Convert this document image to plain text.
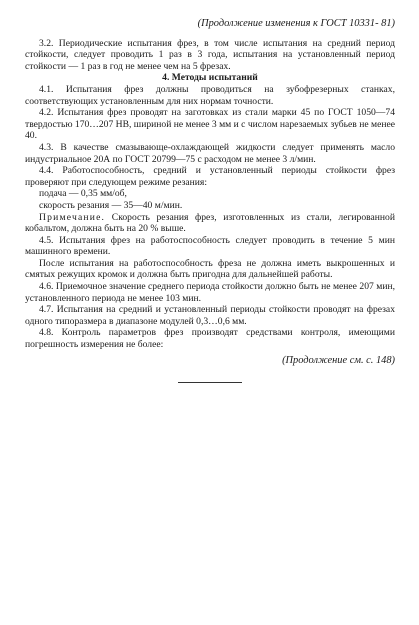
(Продолжение изменения к ГОСТ 10331- 81)

3.2. Периодические испытания фрез, в том числе испытания на средний период стойкости, следует проводить 1 раз в 3 года, испытания на установленный период стойкости — 1 раз в год не менее чем на 5 фрезах.

4. Методы испытаний

4.1. Испытания фрез должны проводиться на зубофрезерных станках, соответствующих установленным для них нормам точности.

4.2. Испытания фрез проводят на заготовках из стали марки 45 по ГОСТ 1050—74 твердостью 170…207 HB, шириной не менее 3 мм и с числом нарезаемых зубьев не менее 40.

4.3. В качестве смазывающе-охлаждающей жидкости следует применять масло индустриальное 20А по ГОСТ 20799—75 с расходом не менее 3 л/мин.

4.4. Работоспособность, средний и установленный периоды стойкости фрез проверяют при следующем режиме резания:

подача — 0,35 мм/об,

скорость резания — 35—40 м/мин.

Примечание. Скорость резания фрез, изготовленных из стали, легированной кобальтом, должна быть на 20 % выше.

4.5. Испытания фрез на работоспособность следует проводить в течение 5 мин машинного времени.

После испытания на работоспособность фреза не должна иметь выкрошенных и смятых режущих кромок и должна быть пригодна для дальнейшей работы.

4.6. Приемочное значение среднего периода стойкости должно быть не менее 207 мин, установленного периода не менее 103 мин.

4.7. Испытания на средний и установленный периоды стойкости проводят на фрезах одного типоразмера в диапазоне модулей 0,3…0,6 мм.

4.8. Контроль параметров фрез производят средствами контроля, имеющими погрешность измерения не более:

(Продолжение см. с. 148)
